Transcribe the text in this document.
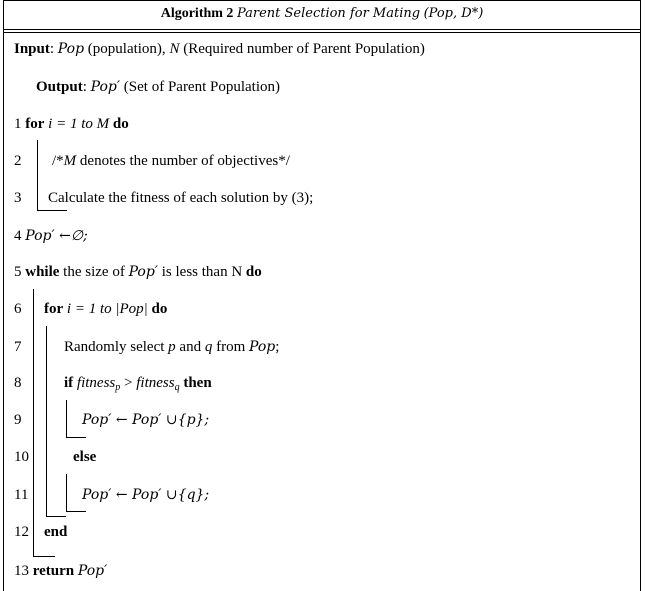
Algorithm 2 Parent Selection for Mating (Pop, D*)
Input: Pop (population), N (Required number of Parent Population)
Output: Pop′ (Set of Parent Population)
1 for i = 1 to M do
2 /*M denotes the number of objectives*/
3 Calculate the fitness of each solution by (3);
4 Pop′ ←∅;
5 while the size of Pop′ is less than N do
6 for i = 1 to |Pop| do
7	Randomly select p and q from Pop;
8	if fitness$_p$ > fitness$_q$ then
9	Pop′ ← Pop′ ∪{p};
10	else
11	Pop′ ← Pop′ ∪{q};
12 end
13 return Pop′
